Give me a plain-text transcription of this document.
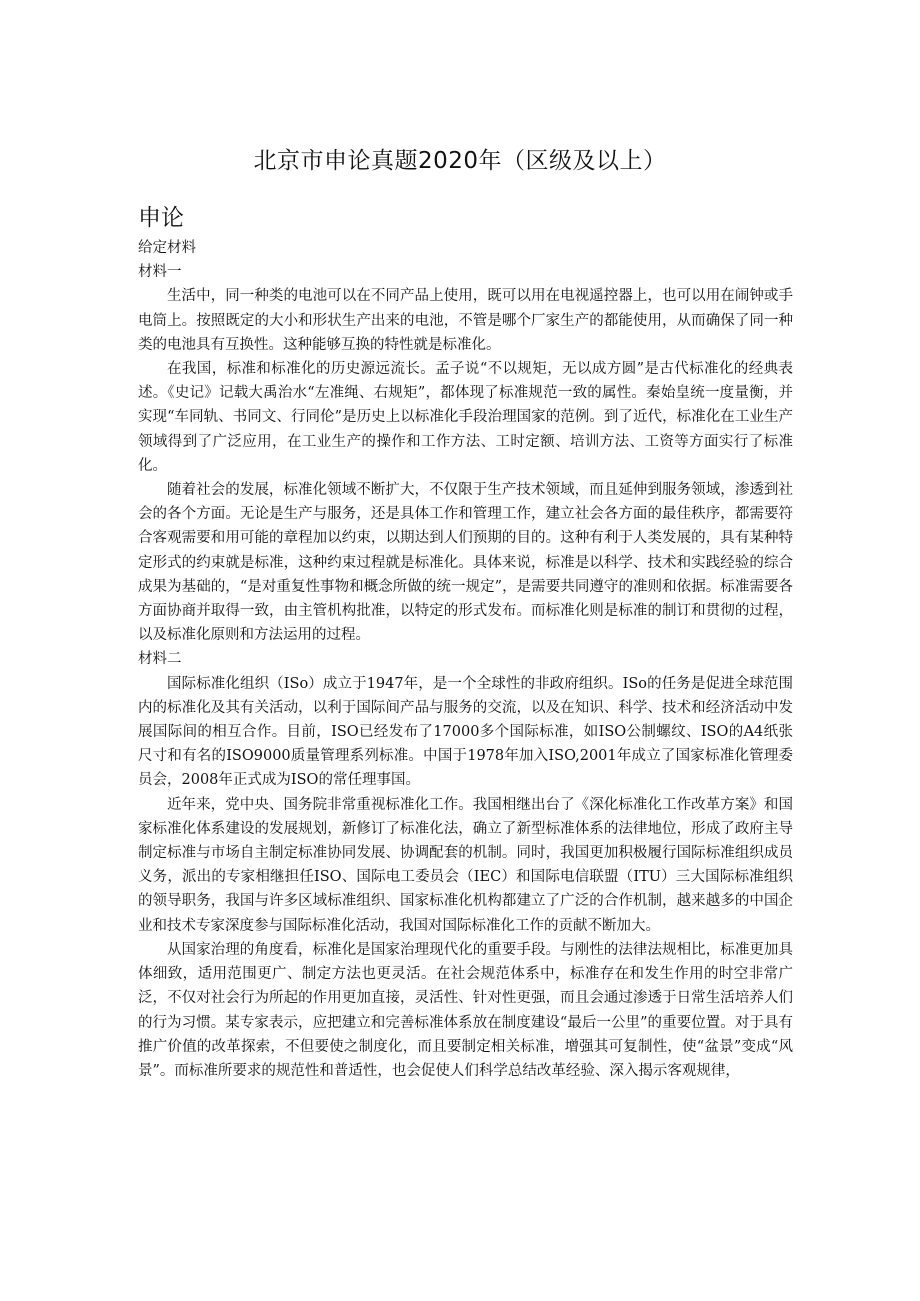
北京市申论真题2020年（区级及以上）
申论

给定材料

材料一

生活中，同一种类的电池可以在不同产品上使用，既可以用在电视遥控器上，也可以用在闹钟或手电筒上。按照既定的大小和形状生产出来的电池，不管是哪个厂家生产的都能使用，从而确保了同一种类的电池具有互换性。这种能够互换的特性就是标准化。

在我国，标准和标准化的历史源远流长。孟子说“不以规矩，无以成方圆”是古代标准化的经典表述。《史记》记载大禹治水“左准绳、右规矩”，都体现了标准规范一致的属性。秦始皇统一度量衡，并实现“车同轨、书同文、行同伦”是历史上以标准化手段治理国家的范例。到了近代，标准化在工业生产领域得到了广泛应用，在工业生产的操作和工作方法、工时定额、培训方法、工资等方面实行了标准化。

随着社会的发展，标准化领域不断扩大，不仅限于生产技术领域，而且延伸到服务领域，渗透到社会的各个方面。无论是生产与服务，还是具体工作和管理工作，建立社会各方面的最佳秩序，都需要符合客观需要和用可能的章程加以约束，以期达到人们预期的目的。这种有利于人类发展的，具有某种特定形式的约束就是标准，这种约束过程就是标准化。具体来说，标准是以科学、技术和实践经验的综合成果为基础的，“是对重复性事物和概念所做的统一规定”，是需要共同遵守的准则和依据。标准需要各方面协商并取得一致，由主管机构批准，以特定的形式发布。而标准化则是标准的制订和贯彻的过程，以及标准化原则和方法运用的过程。

材料二

国际标准化组织（ISo）成立于1947年，是一个全球性的非政府组织。ISo的任务是促进全球范围内的标准化及其有关活动，以利于国际间产品与服务的交流，以及在知识、科学、技术和经济活动中发展国际间的相互合作。目前，ISO已经发布了17000多个国际标准，如ISO公制螺纹、ISO的A4纸张尺寸和有名的ISO9000质量管理系列标准。中国于1978年加入ISO,2001年成立了国家标准化管理委员会，2008年正式成为ISO的常任理事国。

近年来，党中央、国务院非常重视标准化工作。我国相继出台了《深化标准化工作改革方案》和国家标准化体系建设的发展规划，新修订了标准化法，确立了新型标准体系的法律地位，形成了政府主导制定标准与市场自主制定标准协同发展、协调配套的机制。同时，我国更加积极履行国际标准组织成员义务，派出的专家相继担任ISO、国际电工委员会（IEC）和国际电信联盟（ITU）三大国际标准组织的领导职务，我国与许多区域标准组织、国家标准化机构都建立了广泛的合作机制，越来越多的中国企业和技术专家深度参与国际标准化活动，我国对国际标准化工作的贡献不断加大。

从国家治理的角度看，标准化是国家治理现代化的重要手段。与刚性的法律法规相比，标准更加具体细致，适用范围更广、制定方法也更灵活。在社会规范体系中，标准存在和发生作用的时空非常广泛，不仅对社会行为所起的作用更加直接，灵活性、针对性更强，而且会通过渗透于日常生活培养人们的行为习惯。某专家表示，应把建立和完善标准体系放在制度建设“最后一公里”的重要位置。对于具有推广价值的改革探索，不但要使之制度化，而且要制定相关标准，增强其可复制性，使“盆景”变成“风景”。而标准所要求的规范性和普适性，也会促使人们科学总结改革经验、深入揭示客观规律，
